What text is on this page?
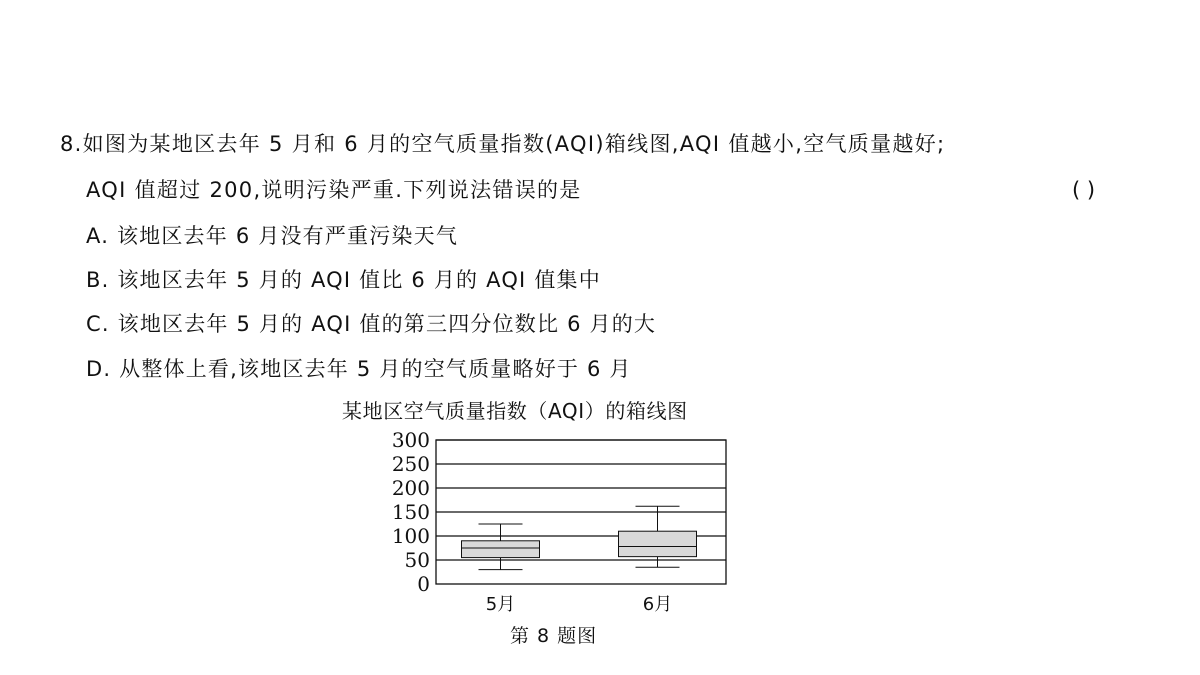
8.如图为某地区去年 5 月和 6 月的空气质量指数(AQI)箱线图,AQI 值越小,空气质量越好;
AQI 值超过 200,说明污染严重.下列说法错误的是	( )
A. 该地区去年 6 月没有严重污染天气
B. 该地区去年 5 月的 AQI 值比 6 月的 AQI 值集中
C. 该地区去年 5 月的 AQI 值的第三四分位数比 6 月的大
D. 从整体上看,该地区去年 5 月的空气质量略好于 6 月
某地区空气质量指数（AQI）的箱线图
300
250
200
150
100
50
0
5月	6月
第 8 题图
